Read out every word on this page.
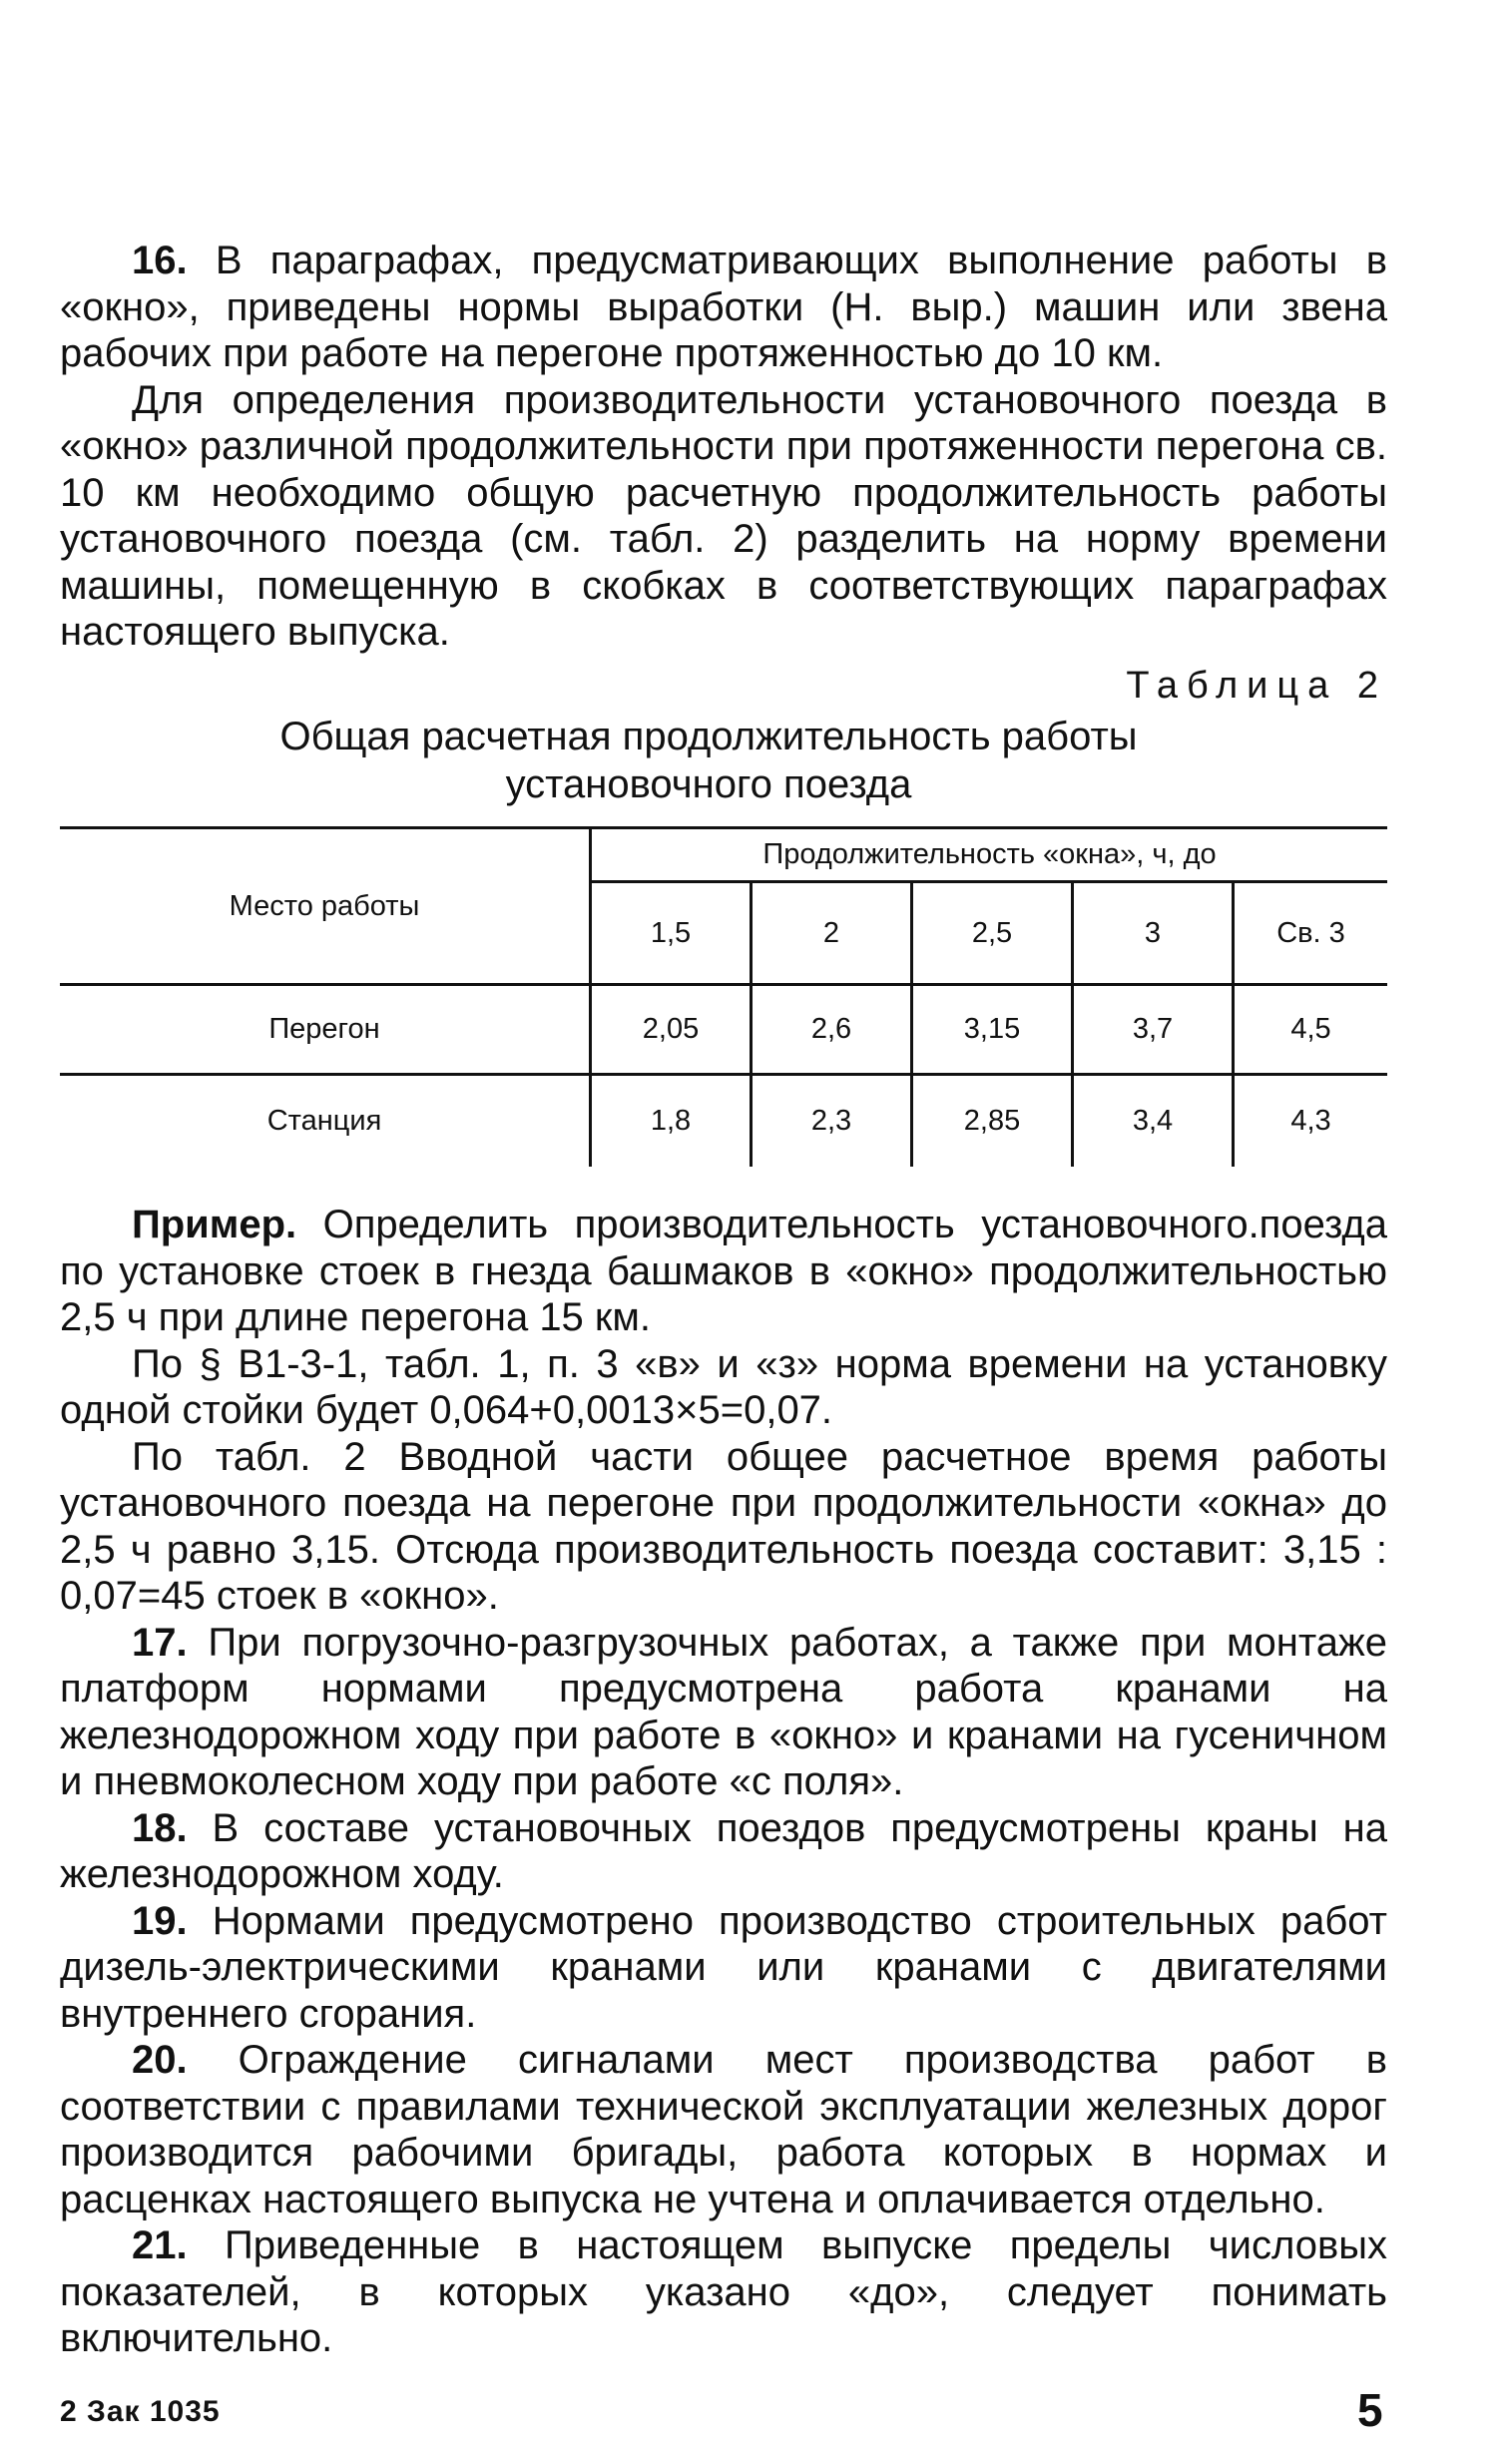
16. В параграфах, предусматривающих выполнение работы в «окно», приведены нормы выработки (Н. выр.) машин или звена рабочих при работе на перегоне протяженностью до 10 км.

Для определения производительности установочного поезда в «окно» различной продолжительности при протяженности перегона св. 10 км необходимо общую расчетную продолжительность работы установочного поезда (см. табл. 2) разделить на норму времени машины, помещенную в скобках в соответствующих параграфах настоящего выпуска.

Таблица 2
Общая расчетная продолжительность работы установочного поезда
Место работы	Продолжительность «окна», ч, до				
	1,5	2	2,5	3	Св. 3
Перегон	2,05	2,6	3,15	3,7	4,5
Станция	1,8	2,3	2,85	3,4	4,3

Пример. Определить производительность установочного.поезда по установке стоек в гнезда башмаков в «окно» продолжительностью 2,5 ч при длине перегона 15 км.

По § В1-3-1, табл. 1, п. 3 «в» и «з» норма времени на установку одной стойки будет 0,064+0,0013×5=0,07.

По табл. 2 Вводной части общее расчетное время работы установочного поезда на перегоне при продолжительности «окна» до 2,5 ч равно 3,15. Отсюда производительность поезда составит: 3,15 : 0,07=45 стоек в «окно».

17. При погрузочно-разгрузочных работах, а также при монтаже платформ нормами предусмотрена работа кранами на железнодорожном ходу при работе в «окно» и кранами на гусеничном и пневмоколесном ходу при работе «с поля».

18. В составе установочных поездов предусмотрены краны на железнодорожном ходу.

19. Нормами предусмотрено производство строительных работ дизель-электрическими кранами или кранами с двигателями внутреннего сгорания.

20. Ограждение сигналами мест производства работ в соответствии с правилами технической эксплуатации железных дорог производится рабочими бригады, работа которых в нормах и расценках настоящего выпуска не учтена и оплачивается отдельно.

21. Приведенные в настоящем выпуске пределы числовых показателей, в которых указано «до», следует понимать включительно.

2 Зак 1035	5
